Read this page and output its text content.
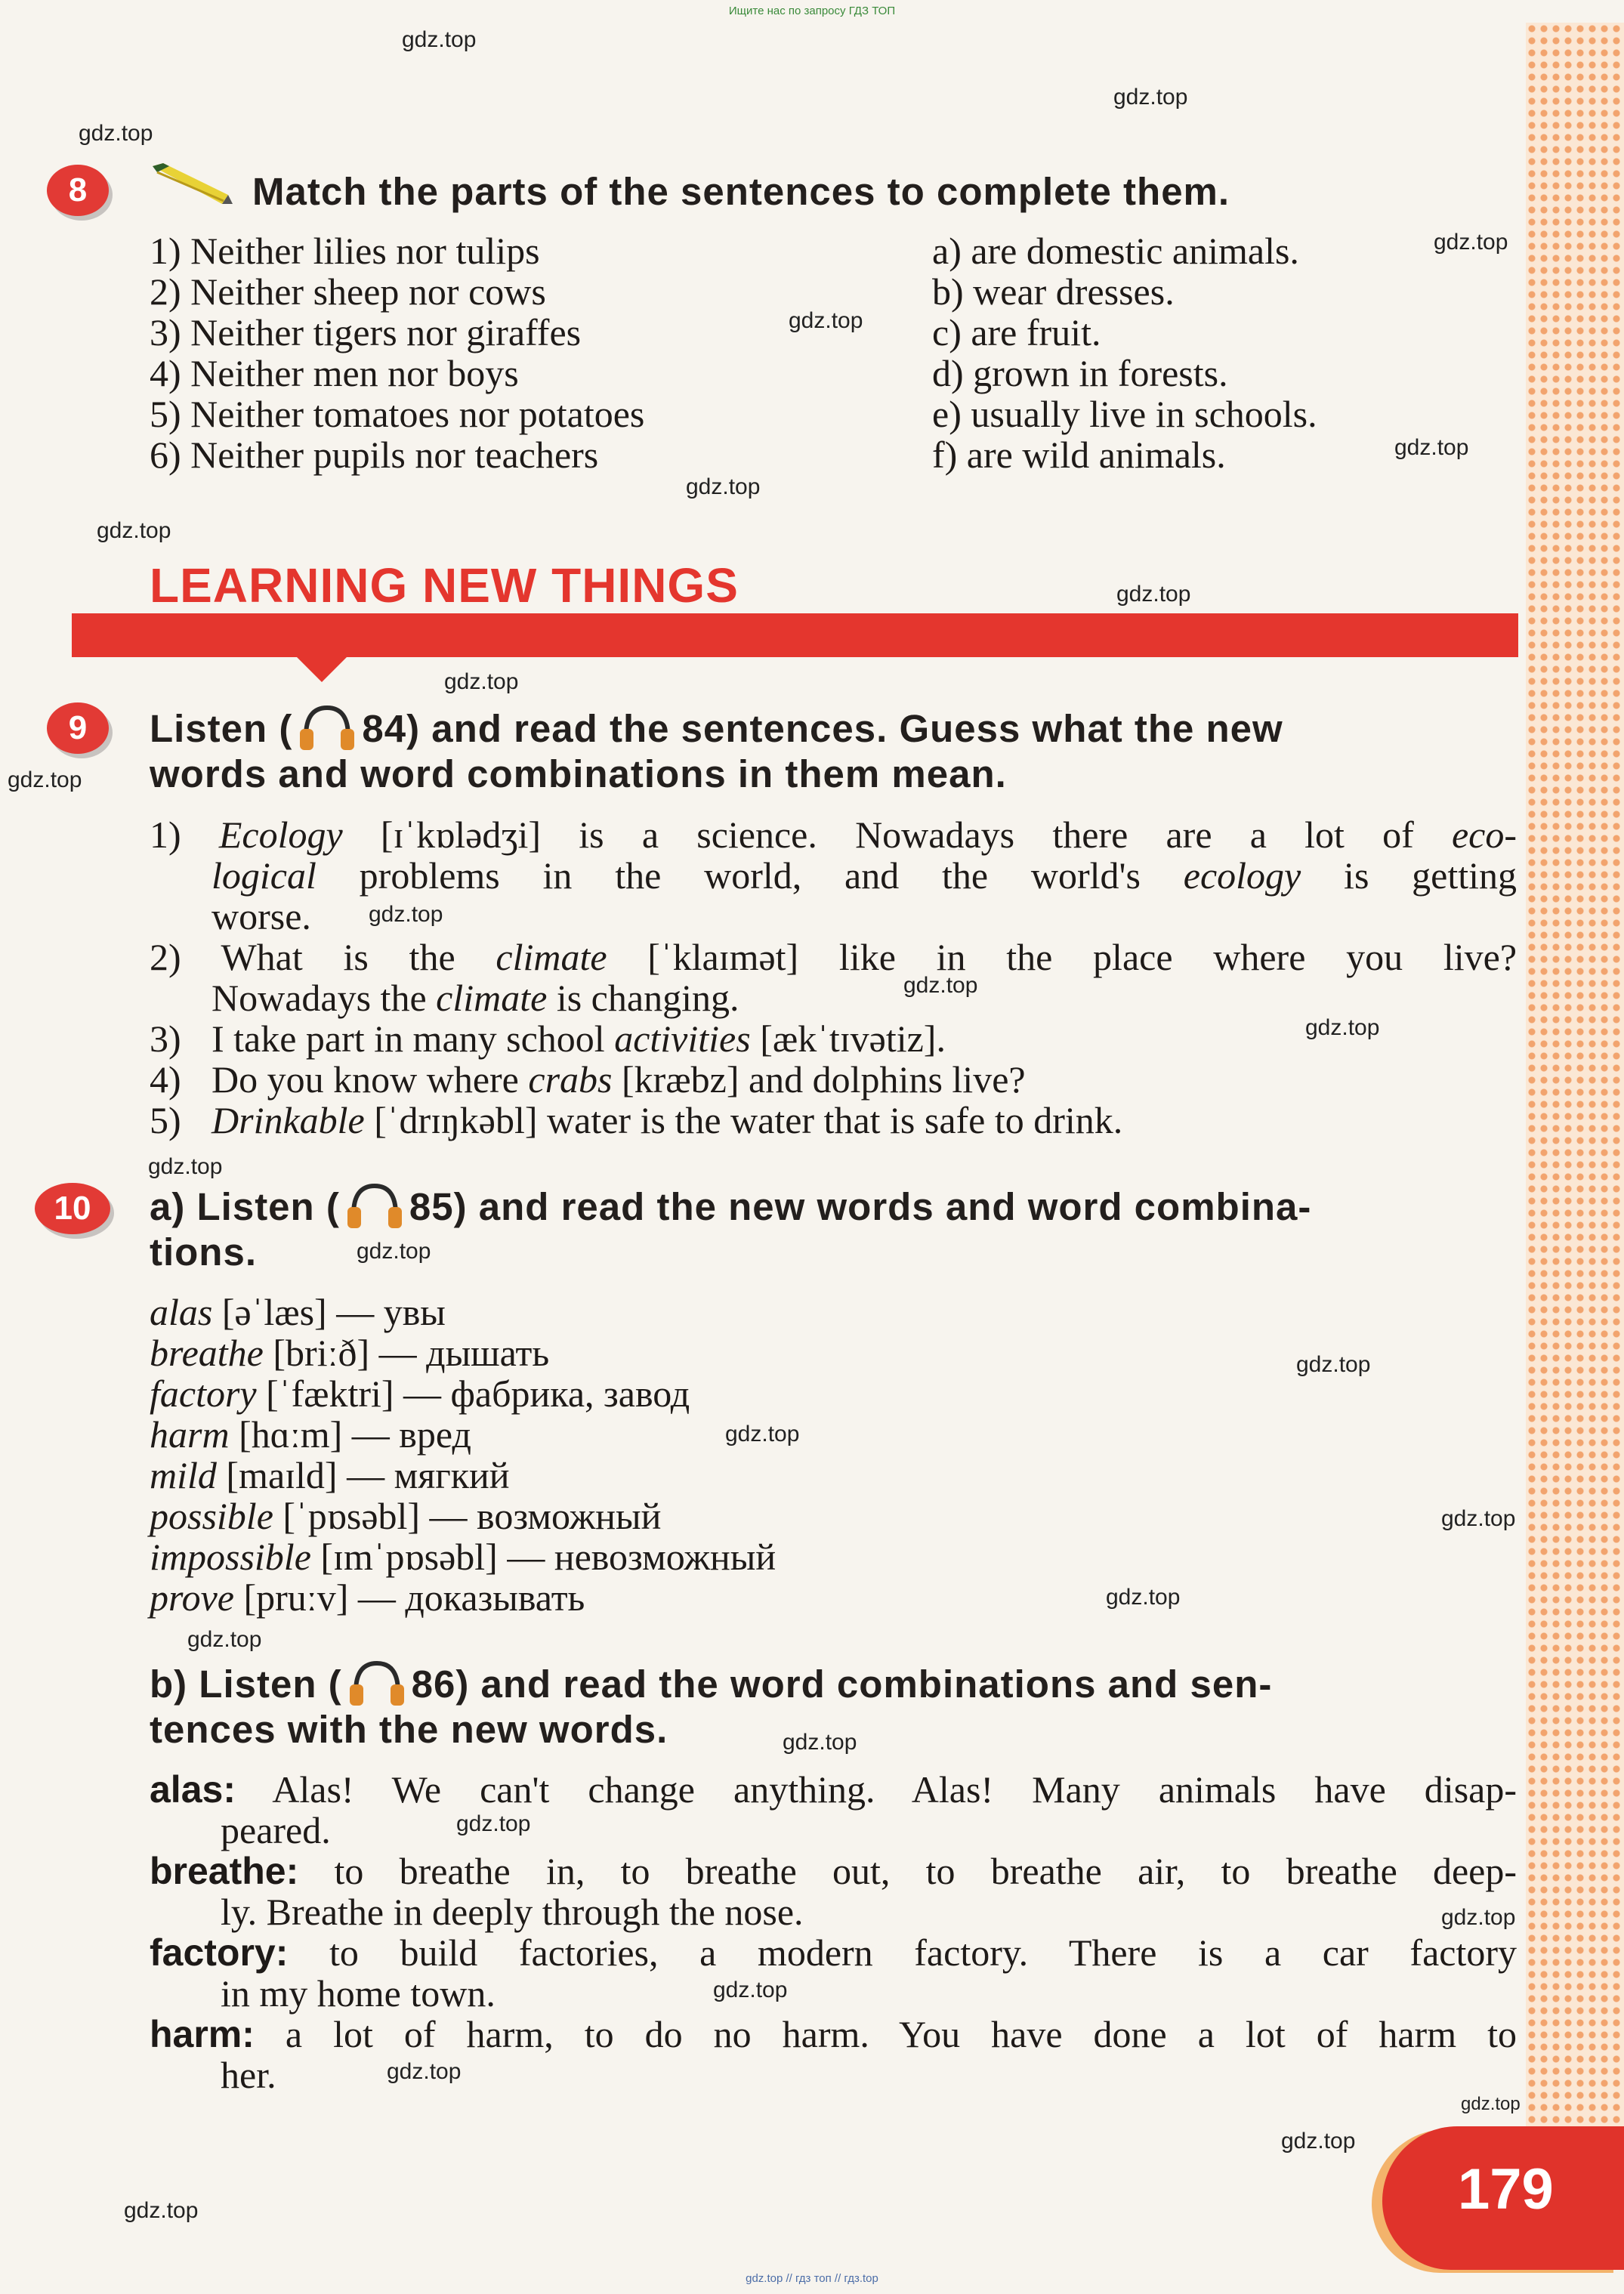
Ищите нас по запросу ГДЗ ТОП
8	Match the parts of the sentences to complete them.
1) Neither lilies nor tulips
2) Neither sheep nor cows
3) Neither tigers nor giraffes
4) Neither men nor boys
5) Neither tomatoes nor potatoes
6) Neither pupils nor teachers
a) are domestic animals.
b) wear dresses.
c) are fruit.
d) grown in forests.
e) usually live in schools.
f) are wild animals.
LEARNING NEW THINGS
9	Listen ( 84) and read the sentences. Guess what the new
words and word combinations in them mean.
1) Ecology [ɪˈkɒlədʒi] is a science. Nowadays there are a lot of eco-
logical problems in the world, and the world's ecology is getting
worse.
2) What is the climate [ˈklaɪmət] like in the place where you live?
Nowadays the climate is changing.
3) I take part in many school activities [ækˈtɪvətiz].
4) Do you know where crabs [kræbz] and dolphins live?
5) Drinkable [ˈdrɪŋkəbl] water is the water that is safe to drink.
10	a) Listen ( 85) and read the new words and word combina-
tions.
alas [əˈlæs] — увы
breathe [briːð] — дышать
factory [ˈfæktri] — фабрика, завод
harm [hɑːm] — вред
mild [maɪld] — мягкий
possible [ˈpɒsəbl] — возможный
impossible [ɪmˈpɒsəbl] — невозможный
prove [pruːv] — доказывать
b) Listen ( 86) and read the word combinations and sen-
tences with the new words.
alas: Alas! We can't change anything. Alas! Many animals have disap-
peared.
breathe: to breathe in, to breathe out, to breathe air, to breathe deep-
ly. Breathe in deeply through the nose.
factory: to build factories, a modern factory. There is a car factory
in my home town.
harm: a lot of harm, to do no harm. You have done a lot of harm to
her.
179
gdz.top
gdz.top
gdz.top
gdz.top
gdz.top
gdz.top
gdz.top
gdz.top
gdz.top
gdz.top
gdz.top
gdz.top
gdz.top
gdz.top
gdz.top
gdz.top
gdz.top
gdz.top
gdz.top
gdz.top
gdz.top
gdz.top
gdz.top
gdz.top
gdz.top
gdz.top
gdz.top
gdz.top
gdz.top
gdz.top // гдз топ // гдз.top
